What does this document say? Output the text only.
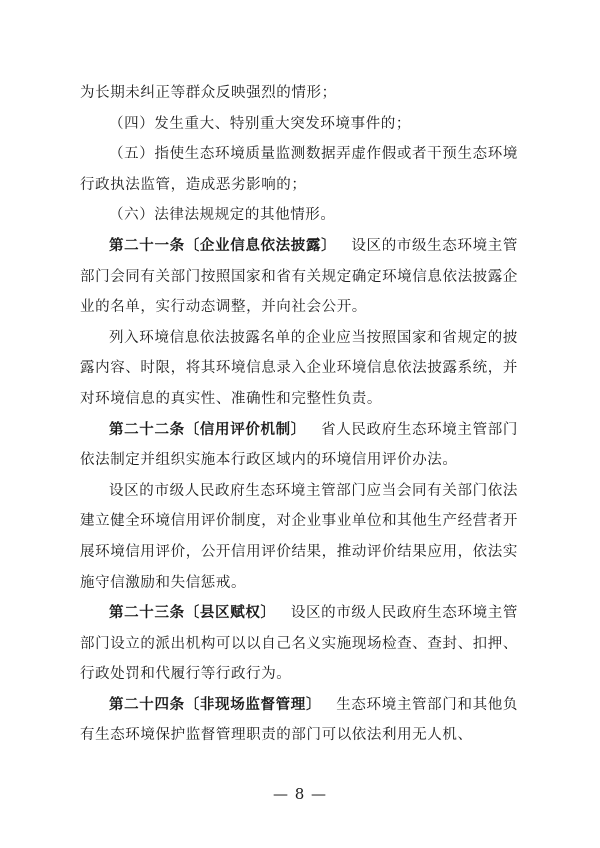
为长期未纠正等群众反映强烈的情形；

（四）发生重大、特别重大突发环境事件的；

（五）指使生态环境质量监测数据弄虚作假或者干预生态环境行政执法监管，造成恶劣影响的；

（六）法律法规规定的其他情形。

第二十一条〔企业信息依法披露〕  设区的市级生态环境主管部门会同有关部门按照国家和省有关规定确定环境信息依法披露企业的名单，实行动态调整，并向社会公开。

列入环境信息依法披露名单的企业应当按照国家和省规定的披露内容、时限，将其环境信息录入企业环境信息依法披露系统，并对环境信息的真实性、准确性和完整性负责。

第二十二条〔信用评价机制〕  省人民政府生态环境主管部门依法制定并组织实施本行政区域内的环境信用评价办法。

设区的市级人民政府生态环境主管部门应当会同有关部门依法建立健全环境信用评价制度，对企业事业单位和其他生产经营者开展环境信用评价，公开信用评价结果，推动评价结果应用，依法实施守信激励和失信惩戒。

第二十三条〔县区赋权〕  设区的市级人民政府生态环境主管部门设立的派出机构可以以自己名义实施现场检查、查封、扣押、行政处罚和代履行等行政行为。

第二十四条〔非现场监督管理〕  生态环境主管部门和其他负有生态环境保护监督管理职责的部门可以依法利用无人机、

— 8 —
